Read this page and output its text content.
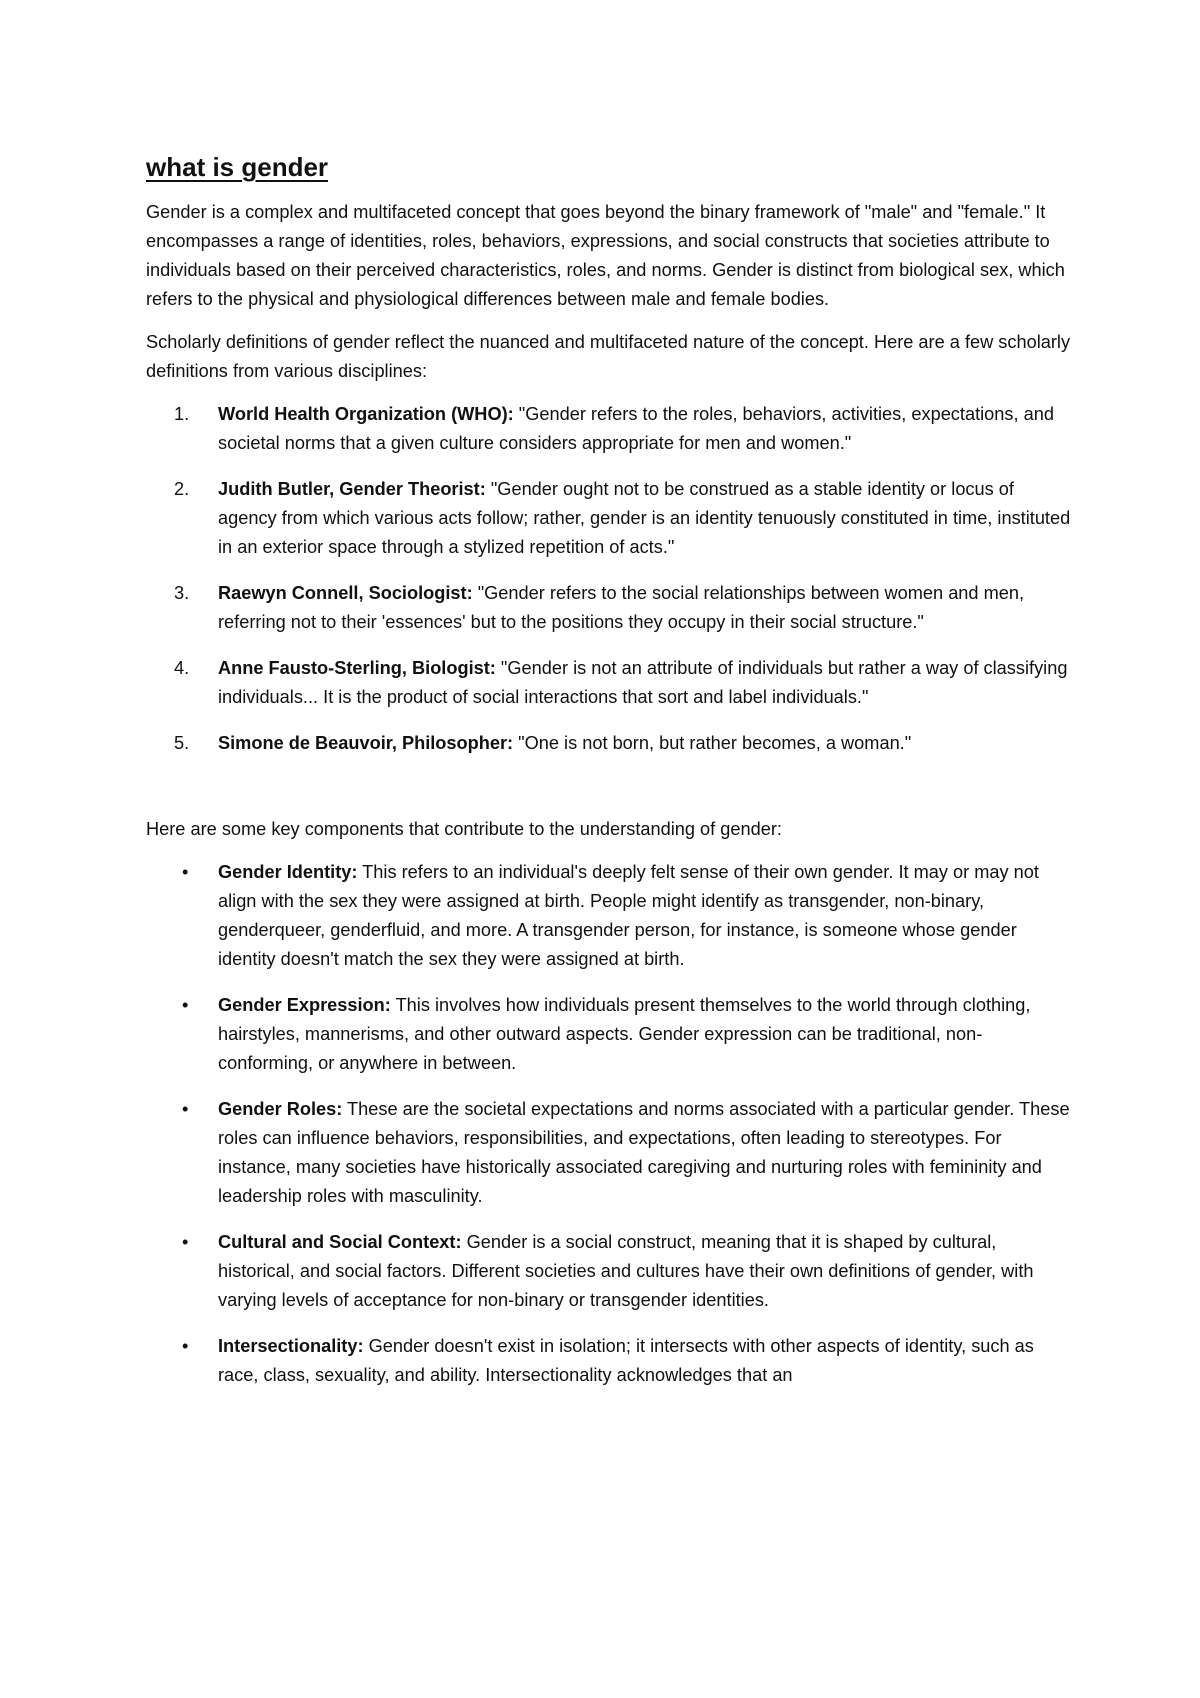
what is gender

Gender is a complex and multifaceted concept that goes beyond the binary framework of "male" and "female." It encompasses a range of identities, roles, behaviors, expressions, and social constructs that societies attribute to individuals based on their perceived characteristics, roles, and norms. Gender is distinct from biological sex, which refers to the physical and physiological differences between male and female bodies.

Scholarly definitions of gender reflect the nuanced and multifaceted nature of the concept. Here are a few scholarly definitions from various disciplines:

1.	World Health Organization (WHO): "Gender refers to the roles, behaviors, activities, expectations, and societal norms that a given culture considers appropriate for men and women."
2.	Judith Butler, Gender Theorist: "Gender ought not to be construed as a stable identity or locus of agency from which various acts follow; rather, gender is an identity tenuously constituted in time, instituted in an exterior space through a stylized repetition of acts."
3.	Raewyn Connell, Sociologist: "Gender refers to the social relationships between women and men, referring not to their 'essences' but to the positions they occupy in their social structure."
4.	Anne Fausto-Sterling, Biologist: "Gender is not an attribute of individuals but rather a way of classifying individuals... It is the product of social interactions that sort and label individuals."
5.	Simone de Beauvoir, Philosopher: "One is not born, but rather becomes, a woman."

Here are some key components that contribute to the understanding of gender:

•	Gender Identity: This refers to an individual's deeply felt sense of their own gender. It may or may not align with the sex they were assigned at birth. People might identify as transgender, non-binary, genderqueer, genderfluid, and more. A transgender person, for instance, is someone whose gender identity doesn't match the sex they were assigned at birth.
•	Gender Expression: This involves how individuals present themselves to the world through clothing, hairstyles, mannerisms, and other outward aspects. Gender expression can be traditional, non-conforming, or anywhere in between.
•	Gender Roles: These are the societal expectations and norms associated with a particular gender. These roles can influence behaviors, responsibilities, and expectations, often leading to stereotypes. For instance, many societies have historically associated caregiving and nurturing roles with femininity and leadership roles with masculinity.
•	Cultural and Social Context: Gender is a social construct, meaning that it is shaped by cultural, historical, and social factors. Different societies and cultures have their own definitions of gender, with varying levels of acceptance for non-binary or transgender identities.
•	Intersectionality: Gender doesn't exist in isolation; it intersects with other aspects of identity, such as race, class, sexuality, and ability. Intersectionality acknowledges that an
